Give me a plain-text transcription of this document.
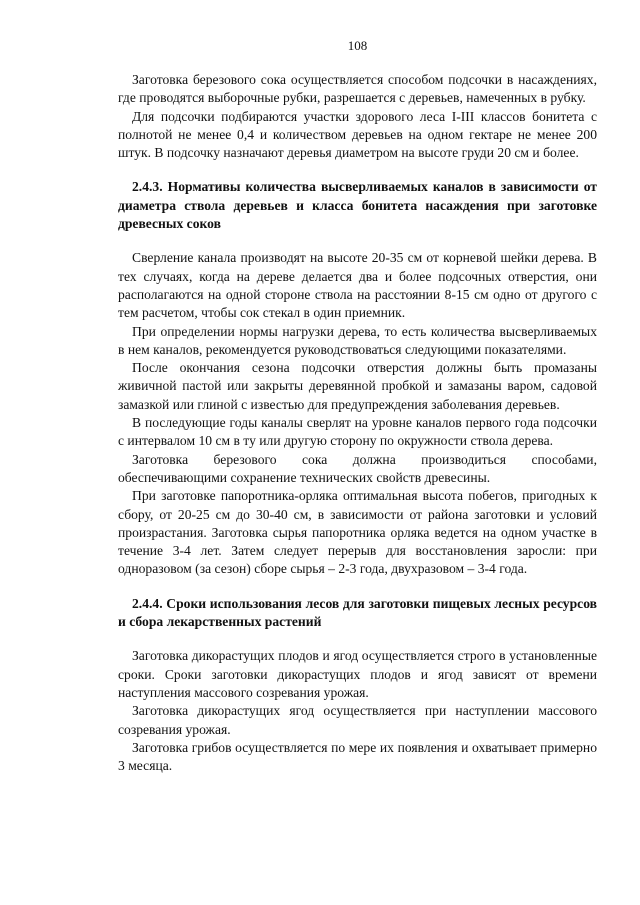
108

Заготовка березового сока осуществляется способом подсочки в насаждениях, где проводятся выборочные рубки, разрешается с деревьев, намеченных в рубку.

Для подсочки подбираются участки здорового леса I-III классов бонитета с полнотой не менее 0,4 и количеством деревьев на одном гектаре не менее 200 штук. В подсочку назначают деревья диаметром на высоте груди 20 см и более.

2.4.3. Нормативы количества высверливаемых каналов в зависимости от диаметра ствола деревьев и класса бонитета насаждения при заготовке древесных соков

Сверление канала производят на высоте 20-35 см от корневой шейки дерева. В тех случаях, когда на дереве делается два и более подсочных отверстия, они располагаются на одной стороне ствола на расстоянии 8-15 см одно от другого с тем расчетом, чтобы сок стекал в один приемник.

При определении нормы нагрузки дерева, то есть количества высверливаемых в нем каналов, рекомендуется руководствоваться следующими показателями.

После окончания сезона подсочки отверстия должны быть промазаны живичной пастой или закрыты деревянной пробкой и замазаны варом, садовой замазкой или глиной с известью для предупреждения заболевания деревьев.

В последующие годы каналы сверлят на уровне каналов первого года подсочки с интервалом 10 см в ту или другую сторону по окружности ствола дерева.

Заготовка березового сока должна производиться способами, обеспечивающими сохранение технических свойств древесины.

При заготовке папоротника-орляка оптимальная высота побегов, пригодных к сбору, от 20-25 см до 30-40 см, в зависимости от района заготовки и условий произрастания. Заготовка сырья папоротника орляка ведется на одном участке в течение 3-4 лет. Затем следует перерыв для восстановления заросли: при одноразовом (за сезон) сборе сырья – 2-3 года, двухразовом – 3-4 года.

2.4.4. Сроки использования лесов для заготовки пищевых лесных ресурсов и сбора лекарственных растений

Заготовка дикорастущих плодов и ягод осуществляется строго в установленные сроки. Сроки заготовки дикорастущих плодов и ягод зависят от времени наступления массового созревания урожая.

Заготовка дикорастущих ягод осуществляется при наступлении массового созревания урожая.

Заготовка грибов осуществляется по мере их появления и охватывает примерно 3 месяца.
